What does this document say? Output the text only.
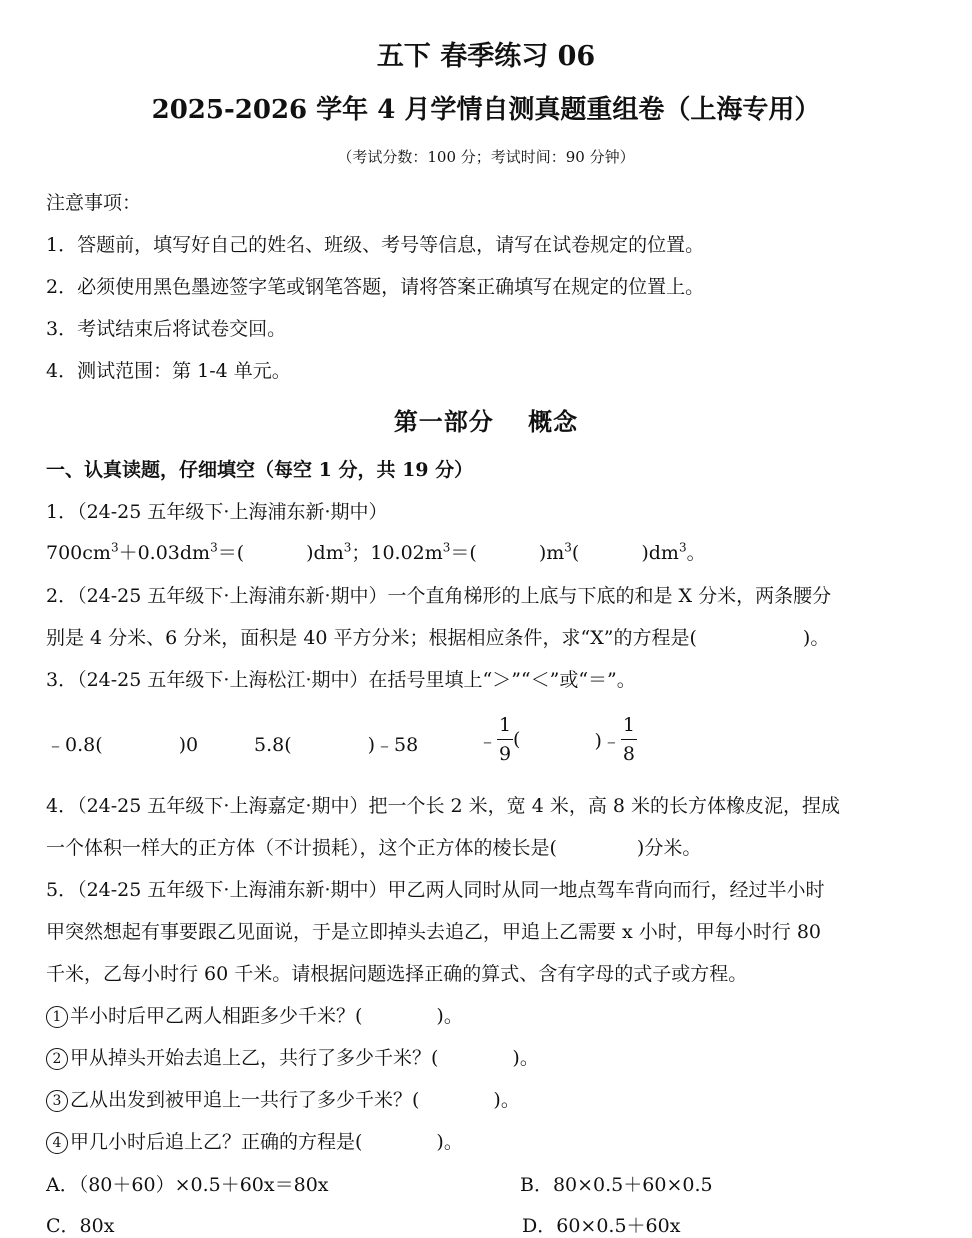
五下 春季练习 06
2025-2026 学年 4 月学情自测真题重组卷（上海专用）
（考试分数：100 分；考试时间：90 分钟）
注意事项：
1．答题前，填写好自己的姓名、班级、考号等信息，请写在试卷规定的位置。
2．必须使用黑色墨迹签字笔或钢笔答题，请将答案正确填写在规定的位置上。
3．考试结束后将试卷交回。
4．测试范围：第 1-4 单元。
第一部分　 概念
一、认真读题，仔细填空（每空 1 分，共 19 分）
1．（24-25 五年级下·上海浦东新·期中）
$700cm^3+0.03dm^3=$(	)$dm^3$；$10.02m^3=$(	)$m^3$(	)$dm^3$。
2．（24-25 五年级下·上海浦东新·期中）一个直角梯形的上底与下底的和是 X 分米，两条腰分
别是 4 分米、6 分米，面积是 40 平方分米；根据相应条件，求“X”的方程是(	)。
3．（24-25 五年级下·上海松江·期中）在括号里填上“＞”“＜”或“＝”。
﹣0.8(	)0	5.8(	)﹣58	﹣ $\frac{1}{9}$ (	)﹣ $\frac{1}{8}$
4．（24-25 五年级下·上海嘉定·期中）把一个长 2 米，宽 4 米，高 8 米的长方体橡皮泥，捏成
一个体积一样大的正方体（不计损耗），这个正方体的棱长是(	)分米。
5．（24-25 五年级下·上海浦东新·期中）甲乙两人同时从同一地点驾车背向而行，经过半小时
甲突然想起有事要跟乙见面说，于是立即掉头去追乙，甲追上乙需要 x 小时，甲每小时行 80
千米，乙每小时行 60 千米。请根据问题选择正确的算式、含有字母的式子或方程。
1 半小时后甲乙两人相距多少千米？(	)。
2 甲从掉头开始去追上乙，共行了多少千米？(	)。
3 乙从出发到被甲追上一共行了多少千米？(	)。
4 甲几小时后追上乙？正确的方程是(	)。
A．（80＋60）×0.5＋60x＝80x	B．80×0.5＋60×0.5
C．80x	D．60×0.5＋60x
